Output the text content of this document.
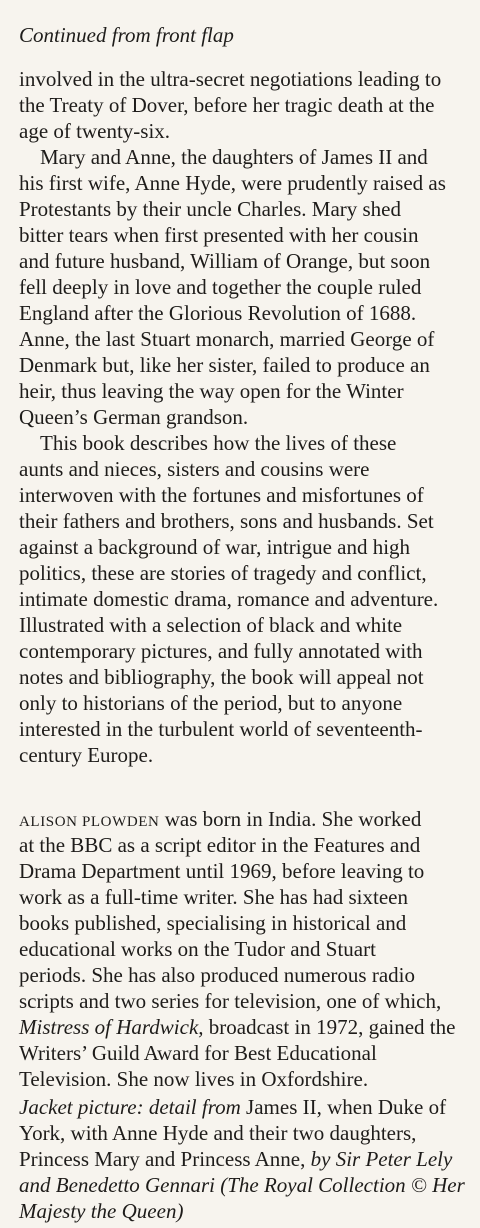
Continued from front flap
involved in the ultra-secret negotiations leading to
the Treaty of Dover, before her tragic death at the
age of twenty-six.
Mary and Anne, the daughters of James II and
his first wife, Anne Hyde, were prudently raised as
Protestants by their uncle Charles. Mary shed
bitter tears when first presented with her cousin
and future husband, William of Orange, but soon
fell deeply in love and together the couple ruled
England after the Glorious Revolution of 1688.
Anne, the last Stuart monarch, married George of
Denmark but, like her sister, failed to produce an
heir, thus leaving the way open for the Winter
Queen’s German grandson.
This book describes how the lives of these
aunts and nieces, sisters and cousins were
interwoven with the fortunes and misfortunes of
their fathers and brothers, sons and husbands. Set
against a background of war, intrigue and high
politics, these are stories of tragedy and conflict,
intimate domestic drama, romance and adventure.
Illustrated with a selection of black and white
contemporary pictures, and fully annotated with
notes and bibliography, the book will appeal not
only to historians of the period, but to anyone
interested in the turbulent world of seventeenth-
century Europe.
ALISON PLOWDEN was born in India. She worked
at the BBC as a script editor in the Features and
Drama Department until 1969, before leaving to
work as a full-time writer. She has had sixteen
books published, specialising in historical and
educational works on the Tudor and Stuart
periods. She has also produced numerous radio
scripts and two series for television, one of which,
Mistress of Hardwick, broadcast in 1972, gained the
Writers’ Guild Award for Best Educational
Television. She now lives in Oxfordshire.
Jacket picture: detail from James II, when Duke of
York, with Anne Hyde and their two daughters,
Princess Mary and Princess Anne, by Sir Peter Lely
and Benedetto Gennari (The Royal Collection © Her
Majesty the Queen)
